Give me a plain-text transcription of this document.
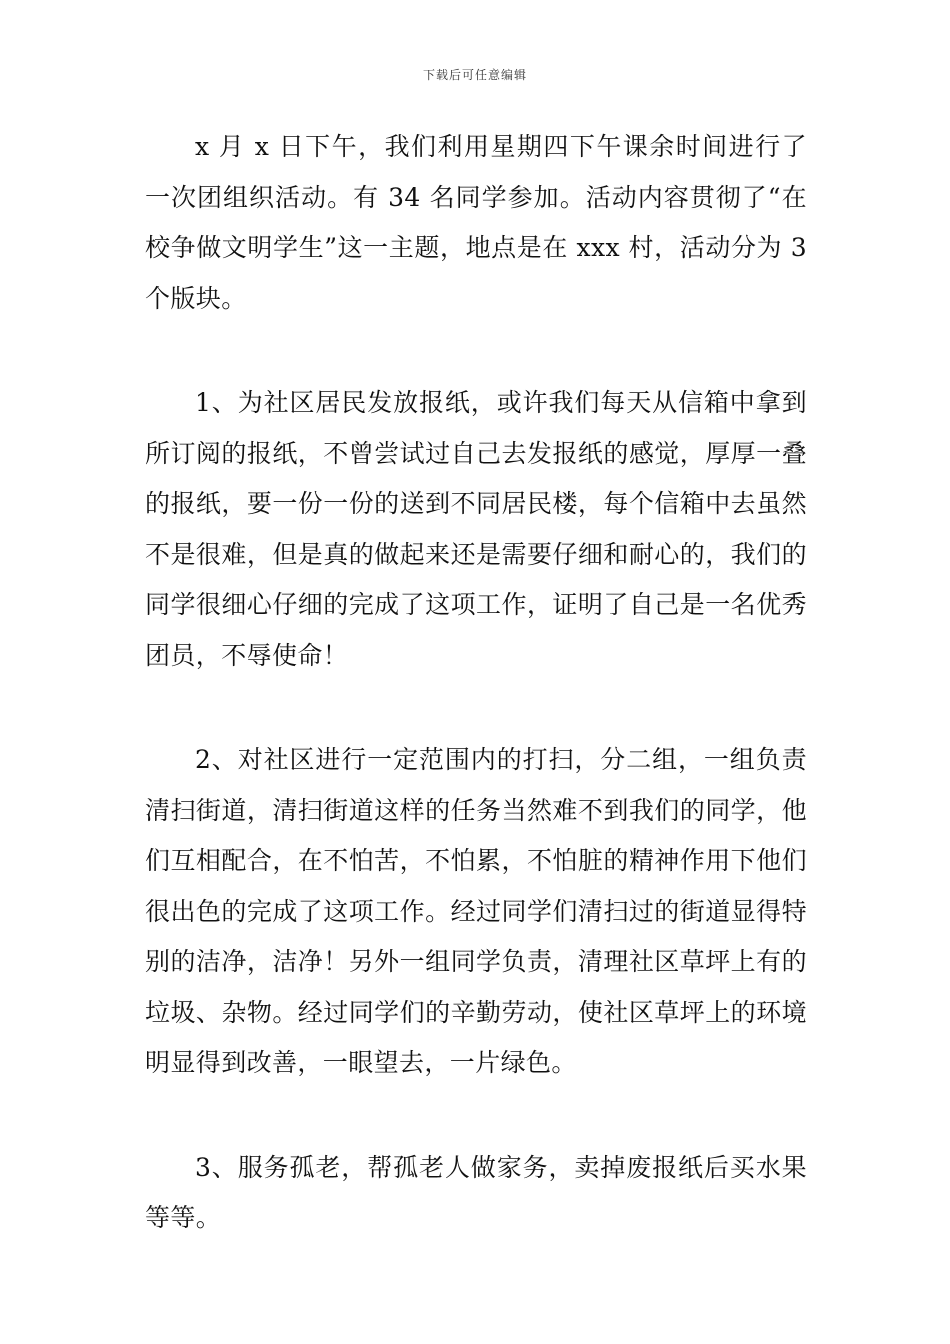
下载后可任意编辑

x 月 x 日下午，我们利用星期四下午课余时间进行了一次团组织活动。有 34 名同学参加。活动内容贯彻了“在校争做文明学生”这一主题，地点是在 xxx 村，活动分为 3 个版块。

1、为社区居民发放报纸，或许我们每天从信箱中拿到所订阅的报纸，不曾尝试过自己去发报纸的感觉，厚厚一叠的报纸，要一份一份的送到不同居民楼，每个信箱中去虽然不是很难，但是真的做起来还是需要仔细和耐心的，我们的同学很细心仔细的完成了这项工作，证明了自己是一名优秀团员，不辱使命！

2、对社区进行一定范围内的打扫，分二组，一组负责清扫街道，清扫街道这样的任务当然难不到我们的同学，他们互相配合，在不怕苦，不怕累，不怕脏的精神作用下他们很出色的完成了这项工作。经过同学们清扫过的街道显得特别的洁净，洁净！另外一组同学负责，清理社区草坪上有的垃圾、杂物。经过同学们的辛勤劳动，使社区草坪上的环境明显得到改善，一眼望去，一片绿色。

3、服务孤老，帮孤老人做家务，卖掉废报纸后买水果等等。
